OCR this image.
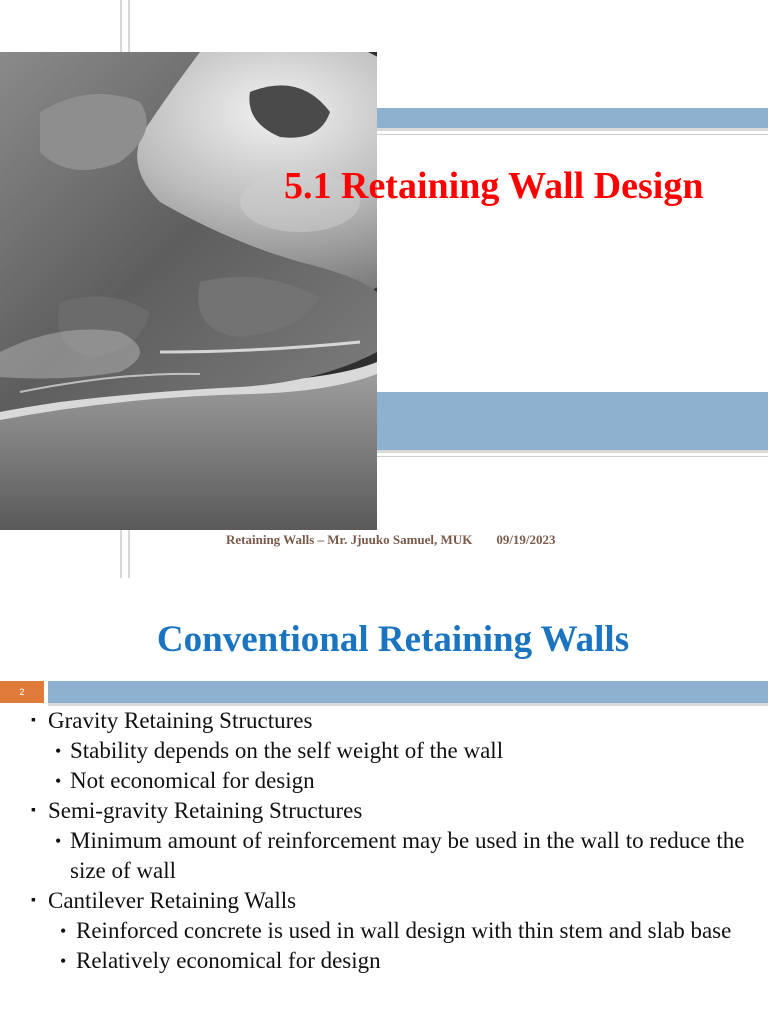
5.1 Retaining Wall Design
Retaining Walls – Mr. Jjuuko Samuel, MUK 09/19/2023
Conventional Retaining Walls
2
▪ Gravity Retaining Structures
• Stability depends on the self weight of the wall
• Not economical for design
▪ Semi-gravity Retaining Structures
• Minimum amount of reinforcement may be used in the wall to reduce the size of wall
▪ Cantilever Retaining Walls
• Reinforced concrete is used in wall design with thin stem and slab base
• Relatively economical for design
